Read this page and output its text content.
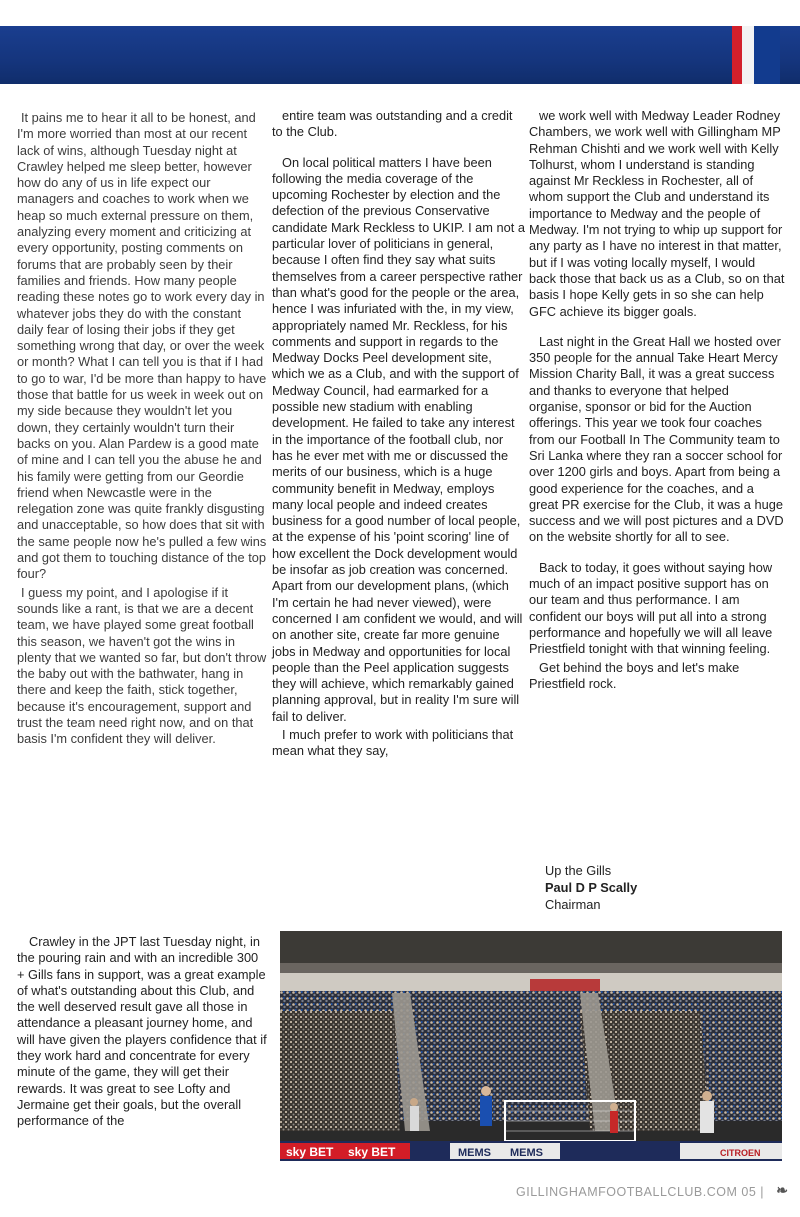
It pains me to hear it all to be honest, and I'm more worried than most at our recent lack of wins, although Tuesday night at Crawley helped me sleep better, however how do any of us in life expect our managers and coaches to work when we heap so much external pressure on them, analyzing every moment and criticizing at every opportunity, posting comments on forums that are probably seen by their families and friends. How many people reading these notes go to work every day in whatever jobs they do with the constant daily fear of losing their jobs if they get something wrong that day, or over the week or month? What I can tell you is that if I had to go to war, I'd be more than happy to have those that battle for us week in week out on my side because they wouldn't let you down, they certainly wouldn't turn their backs on you. Alan Pardew is a good mate of mine and I can tell you the abuse he and his family were getting from our Geordie friend when Newcastle were in the relegation zone was quite frankly disgusting and unacceptable, so how does that sit with the same people now he's pulled a few wins and got them to touching distance of the top four?

I guess my point, and I apologise if it sounds like a rant, is that we are a decent team, we have played some great football this season, we haven't got the wins in plenty that we wanted so far, but don't throw the baby out with the bathwater, hang in there and keep the faith, stick together, because it's encouragement, support and trust the team need right now, and on that basis I'm confident they will deliver.

Crawley in the JPT last Tuesday night, in the pouring rain and with an incredible 300 + Gills fans in support, was a great example of what's outstanding about this Club, and the well deserved result gave all those in attendance a pleasant journey home, and will have given the players confidence that if they work hard and concentrate for every minute of the game, they will get their rewards. It was great to see Lofty and Jermaine get their goals, but the overall performance of the

entire team was outstanding and a credit to the Club.

On local political matters I have been following the media coverage of the upcoming Rochester by election and the defection of the previous Conservative candidate Mark Reckless to UKIP. I am not a particular lover of politicians in general, because I often find they say what suits themselves from a career perspective rather than what's good for the people or the area, hence I was infuriated with the, in my view, appropriately named Mr. Reckless, for his comments and support in regards to the Medway Docks Peel development site, which we as a Club, and with the support of Medway Council, had earmarked for a possible new stadium with enabling development. He failed to take any interest in the importance of the football club, nor has he ever met with me or discussed the merits of our business, which is a huge community benefit in Medway, employs many local people and indeed creates business for a good number of local people, at the expense of his 'point scoring' line of how excellent the Dock development would be insofar as job creation was concerned. Apart from our development plans, (which I'm certain he had never viewed), were concerned I am confident we would, and will on another site, create far more genuine jobs in Medway and opportunities for local people than the Peel application suggests they will achieve, which remarkably gained planning approval, but in reality I'm sure will fail to deliver.

I much prefer to work with politicians that mean what they say,

we work well with Medway Leader Rodney Chambers, we work well with Gillingham MP Rehman Chishti and we work well with Kelly Tolhurst, whom I understand is standing against Mr Reckless in Rochester, all of whom support the Club and understand its importance to Medway and the people of Medway. I'm not trying to whip up support for any party as I have no interest in that matter, but if I was voting locally myself, I would back those that back us as a Club, so on that basis I hope Kelly gets in so she can help GFC achieve its bigger goals.

Last night in the Great Hall we hosted over 350 people for the annual Take Heart Mercy Mission Charity Ball, it was a great success and thanks to everyone that helped organise, sponsor or bid for the Auction offerings. This year we took four coaches from our Football In The Community team to Sri Lanka where they ran a soccer school for over 1200 girls and boys. Apart from being a good experience for the coaches, and a great PR exercise for the Club, it was a huge success and we will post pictures and a DVD on the website shortly for all to see.

Back to today, it goes without saying how much of an impact positive support has on our team and thus performance. I am confident our boys will put all into a strong performance and hopefully we will all leave Priestfield tonight with that winning feeling.

Get behind the boys and let's make Priestfield rock.

Up the Gills
Paul D P Scally
Chairman
sky BET sky BET	MEMS MEMS	CITROEN
GILLINGHAMFOOTBALLCLUB.COM 05 | ❧
